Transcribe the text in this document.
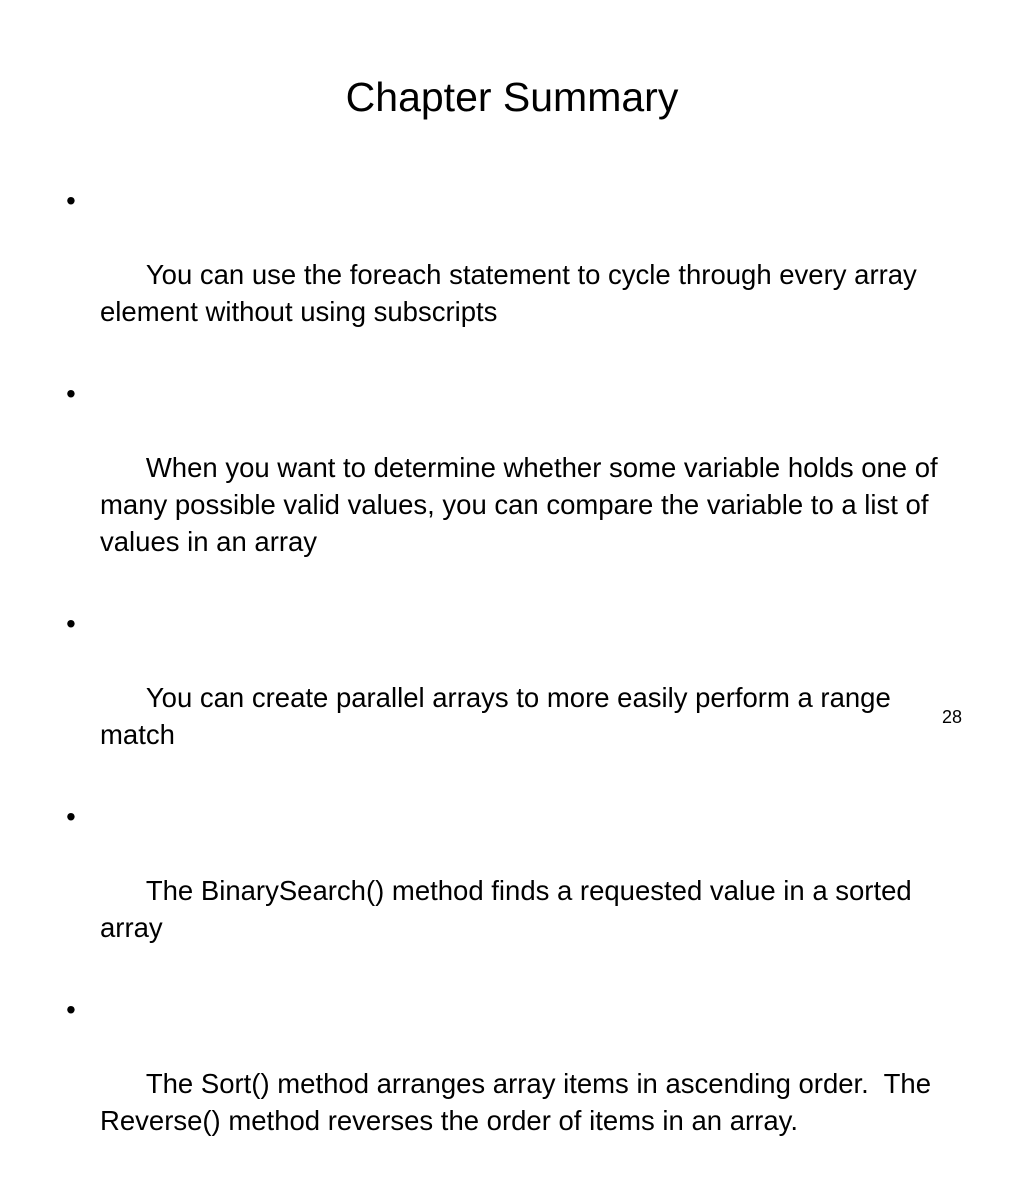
Chapter Summary

•

You can use the foreach statement to cycle through every array element without using subscripts

•

When you want to determine whether some variable holds one of many possible valid values, you can compare the variable to a list of values in an array

•

You can create parallel arrays to more easily perform a range match

•

The BinarySearch() method finds a requested value in a sorted array

•

The Sort() method arranges array items in ascending order.  The Reverse() method reverses the order of items in an array.

28
